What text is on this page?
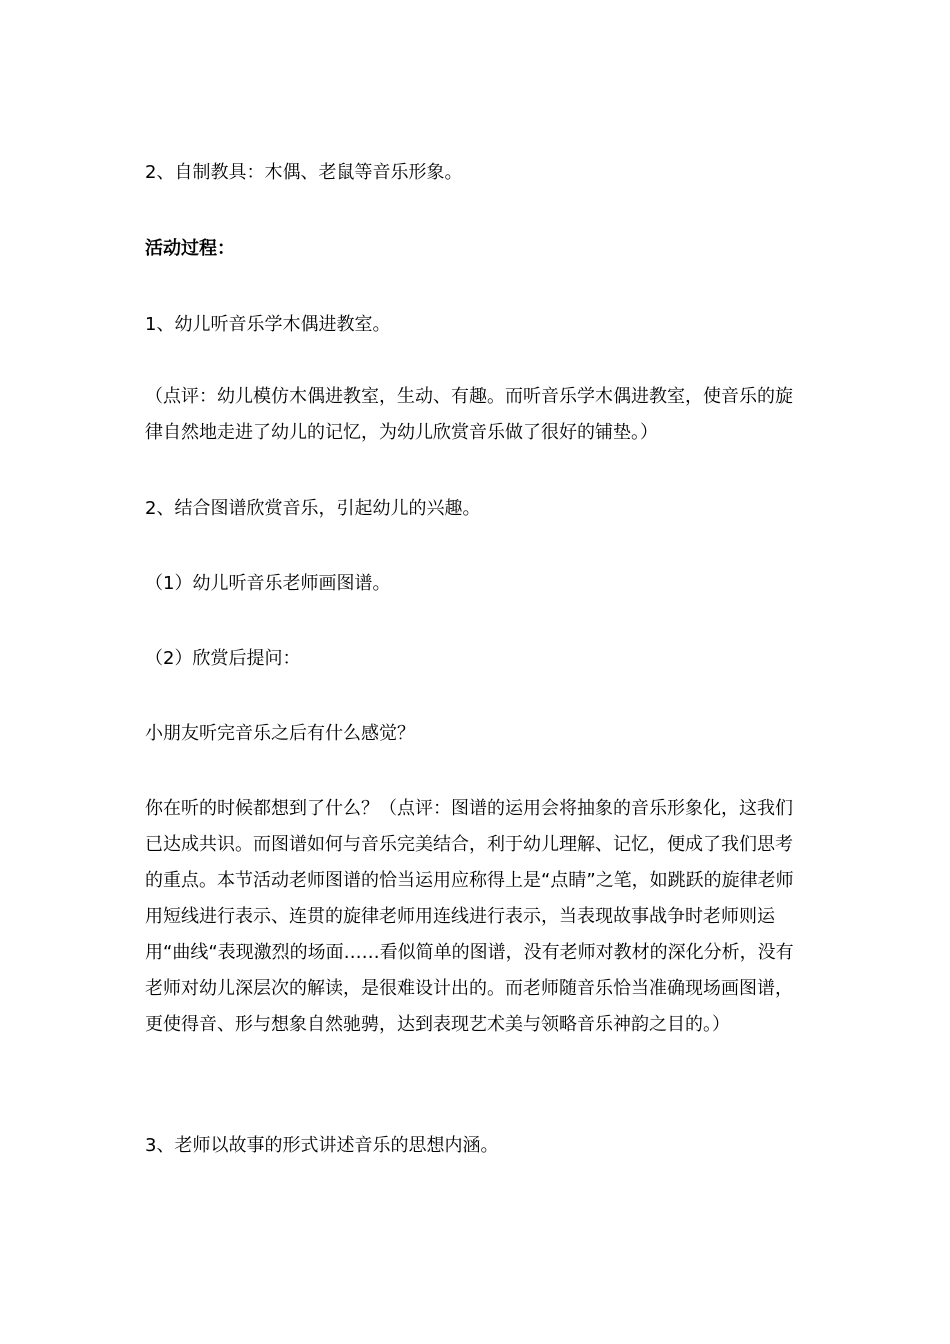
2、自制教具：木偶、老鼠等音乐形象。

活动过程：

1、幼儿听音乐学木偶进教室。

（点评：幼儿模仿木偶进教室，生动、有趣。而听音乐学木偶进教室，使音乐的旋律自然地走进了幼儿的记忆，为幼儿欣赏音乐做了很好的铺垫。）

2、结合图谱欣赏音乐，引起幼儿的兴趣。

（1）幼儿听音乐老师画图谱。

（2）欣赏后提问：

小朋友听完音乐之后有什么感觉？

你在听的时候都想到了什么？（点评：图谱的运用会将抽象的音乐形象化，这我们已达成共识。而图谱如何与音乐完美结合，利于幼儿理解、记忆，便成了我们思考的重点。本节活动老师图谱的恰当运用应称得上是“点睛”之笔，如跳跃的旋律老师用短线进行表示、连贯的旋律老师用连线进行表示，当表现故事战争时老师则运用“曲线“表现激烈的场面……看似简单的图谱，没有老师对教材的深化分析，没有老师对幼儿深层次的解读，是很难设计出的。而老师随音乐恰当准确现场画图谱，更使得音、形与想象自然驰骋，达到表现艺术美与领略音乐神韵之目的。）

3、老师以故事的形式讲述音乐的思想内涵。
